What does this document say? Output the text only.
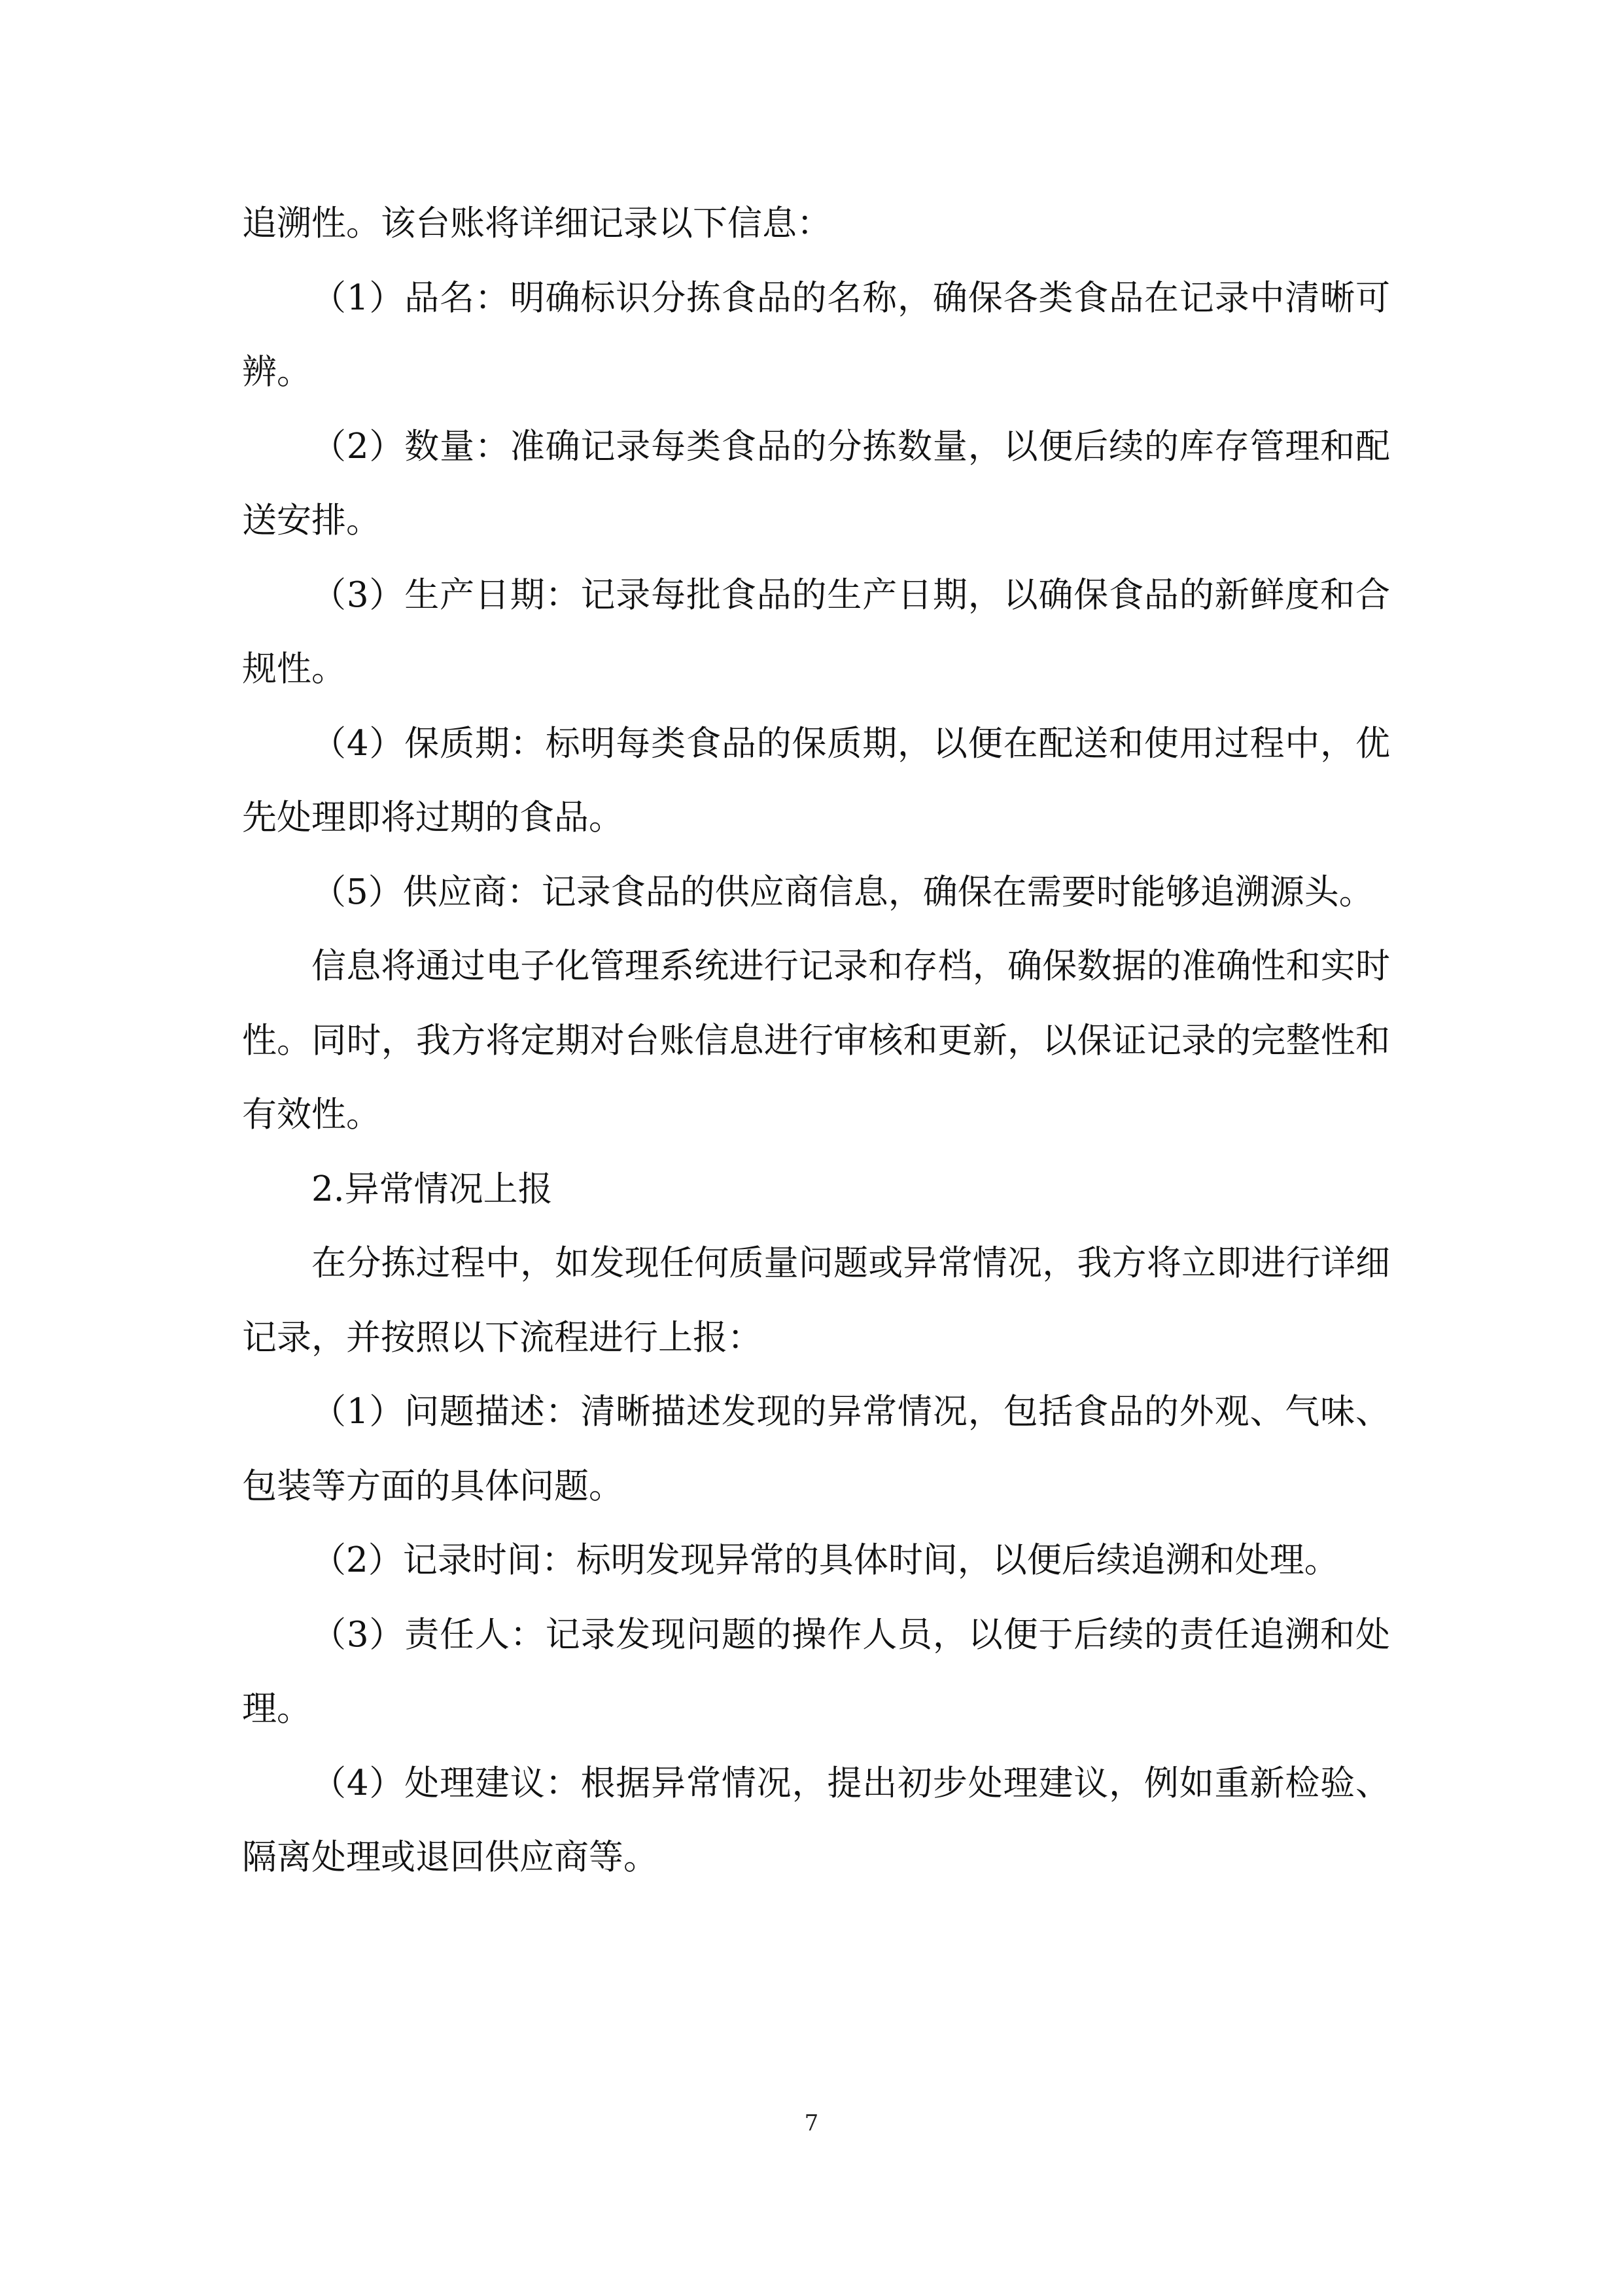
追溯性。该台账将详细记录以下信息：

（1）品名：明确标识分拣食品的名称，确保各类食品在记录中清晰可辨。

（2）数量：准确记录每类食品的分拣数量，以便后续的库存管理和配送安排。

（3）生产日期：记录每批食品的生产日期，以确保食品的新鲜度和合规性。

（4）保质期：标明每类食品的保质期，以便在配送和使用过程中，优先处理即将过期的食品。

（5）供应商：记录食品的供应商信息，确保在需要时能够追溯源头。

信息将通过电子化管理系统进行记录和存档，确保数据的准确性和实时性。同时，我方将定期对台账信息进行审核和更新，以保证记录的完整性和有效性。

2.异常情况上报

在分拣过程中，如发现任何质量问题或异常情况，我方将立即进行详细记录，并按照以下流程进行上报：

（1）问题描述：清晰描述发现的异常情况，包括食品的外观、气味、包装等方面的具体问题。

（2）记录时间：标明发现异常的具体时间，以便后续追溯和处理。

（3）责任人：记录发现问题的操作人员，以便于后续的责任追溯和处理。

（4）处理建议：根据异常情况，提出初步处理建议，例如重新检验、隔离处理或退回供应商等。

7
